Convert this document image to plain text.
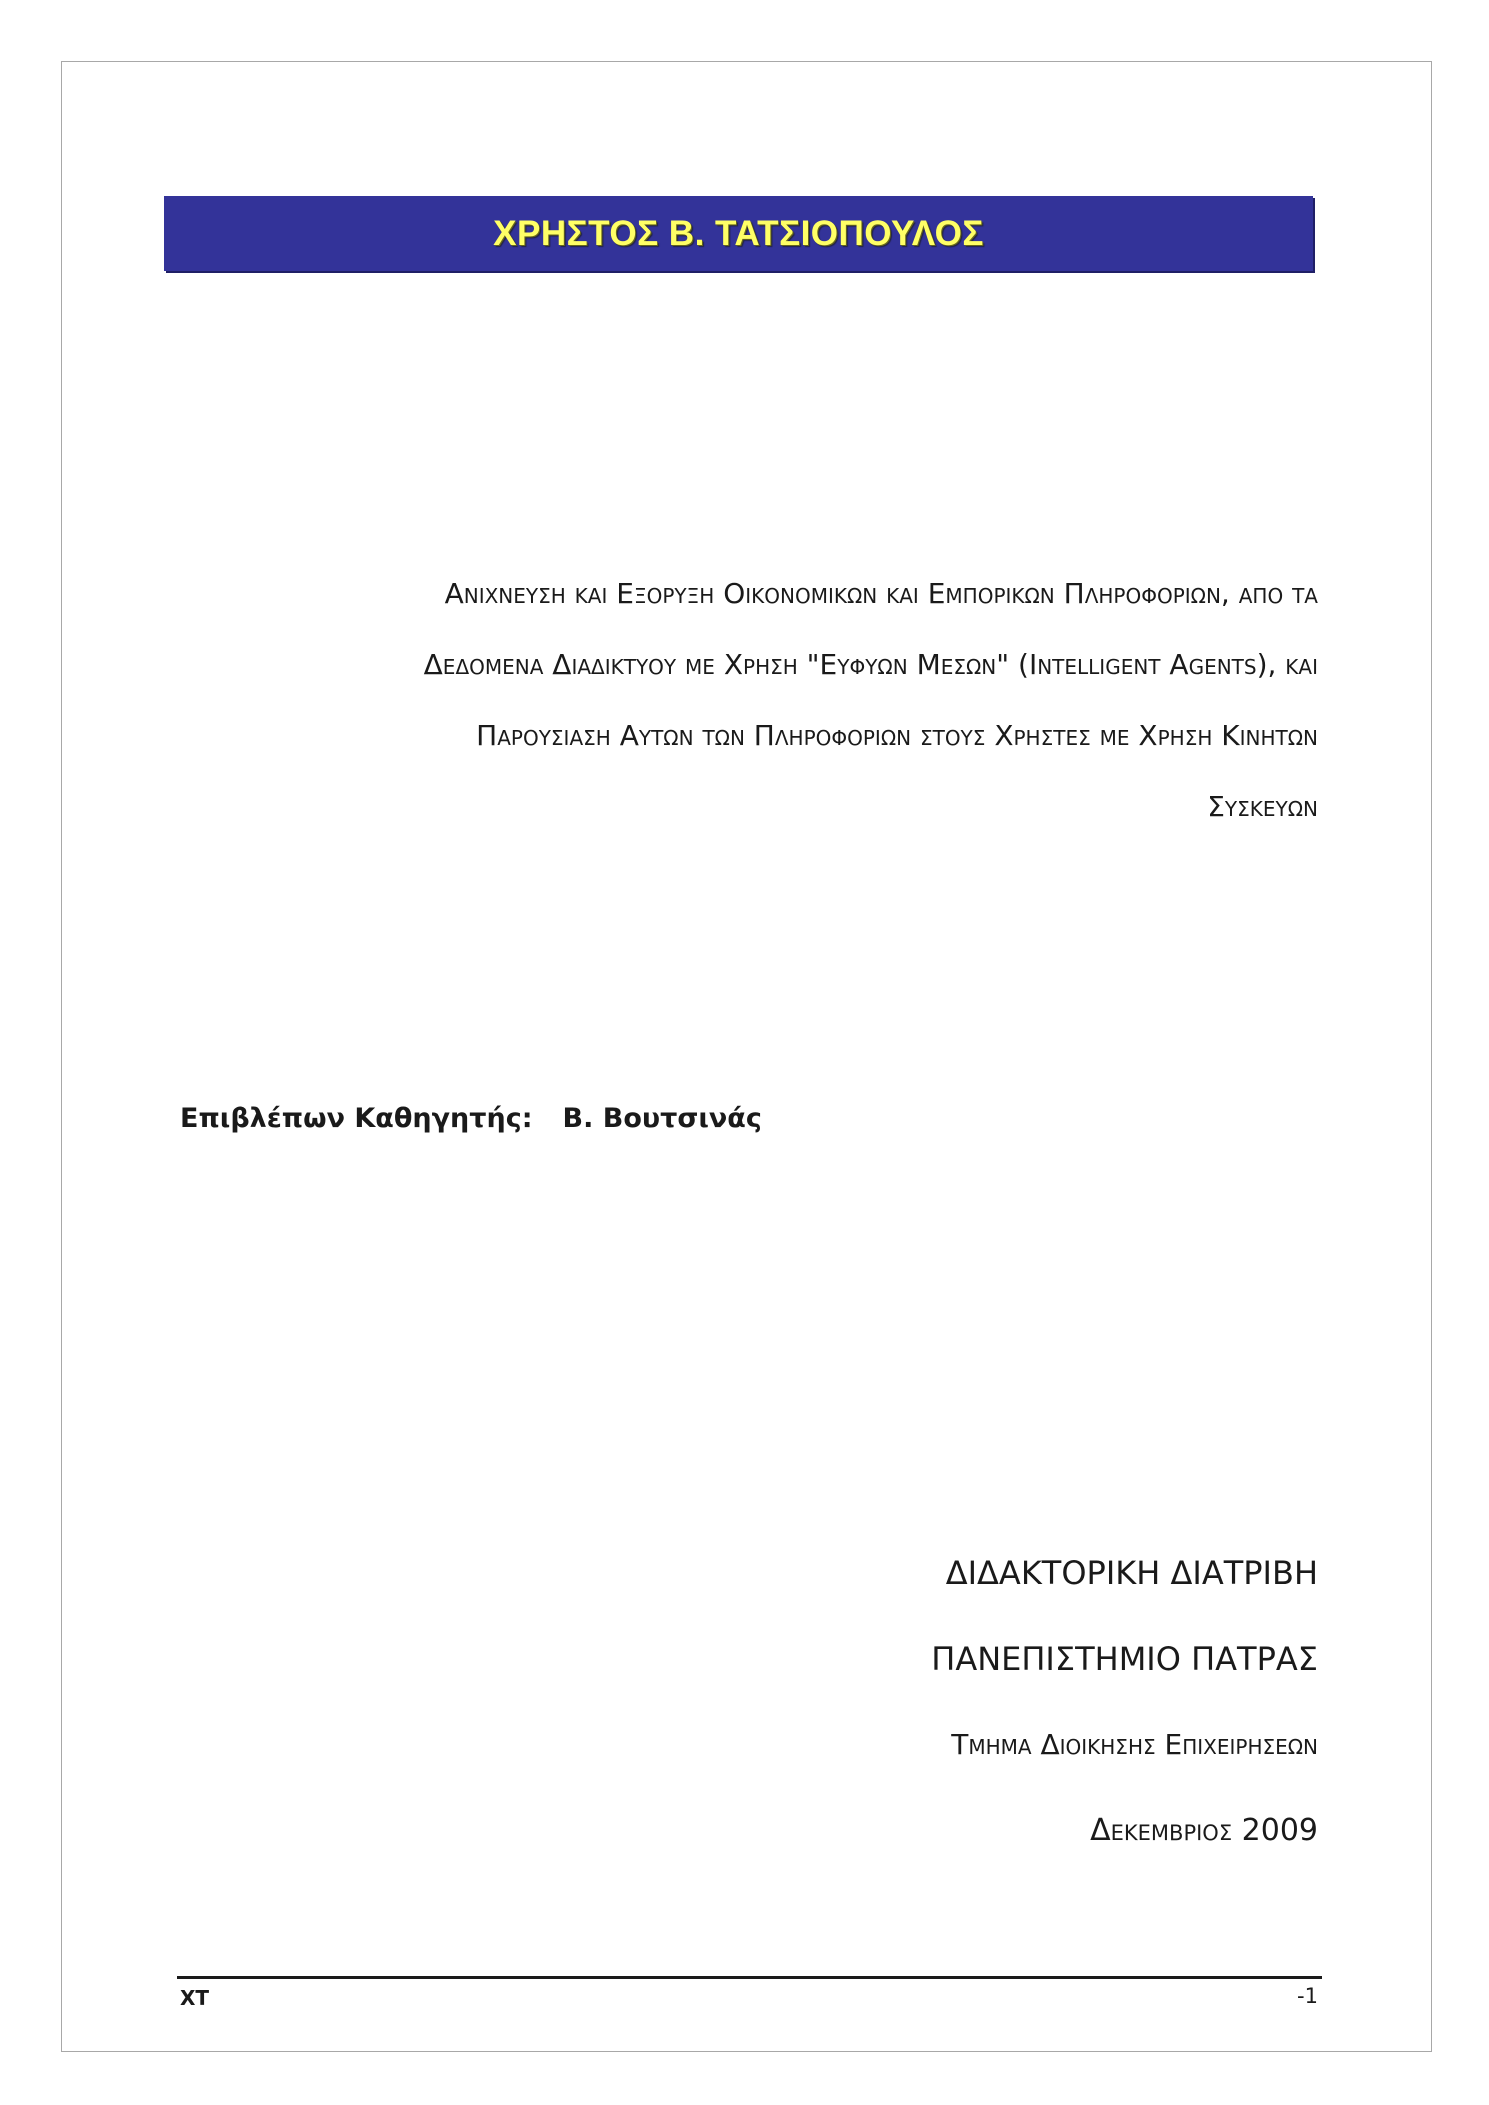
ΧΡΗΣΤΟΣ Β. ΤΑΤΣΙΟΠΟΥΛΟΣ
Ανιχνευση και Εξορυξη Οικονομικων και Εμπορικων Πληροφοριων, απο τα
Δεδομενα Διαδικτυου με Χρηση "Ευφυων Μεσων" (Intelligent Agents), και
Παρουσιαση Αυτων των Πληροφοριων στους Χρηστες με Χρηση Κινητων
Συσκευων
Επιβλέπων Καθηγητής: Β. Βουτσινάς
ΔΙΔΑΚΤΟΡΙΚΗ ΔΙΑΤΡΙΒΗ
ΠΑΝΕΠΙΣΤΗΜΙΟ ΠΑΤΡΑΣ
Τμημα Διοικησης Επιχειρησεων
Δεκεμβριος 2009
ΧΤ	-1
